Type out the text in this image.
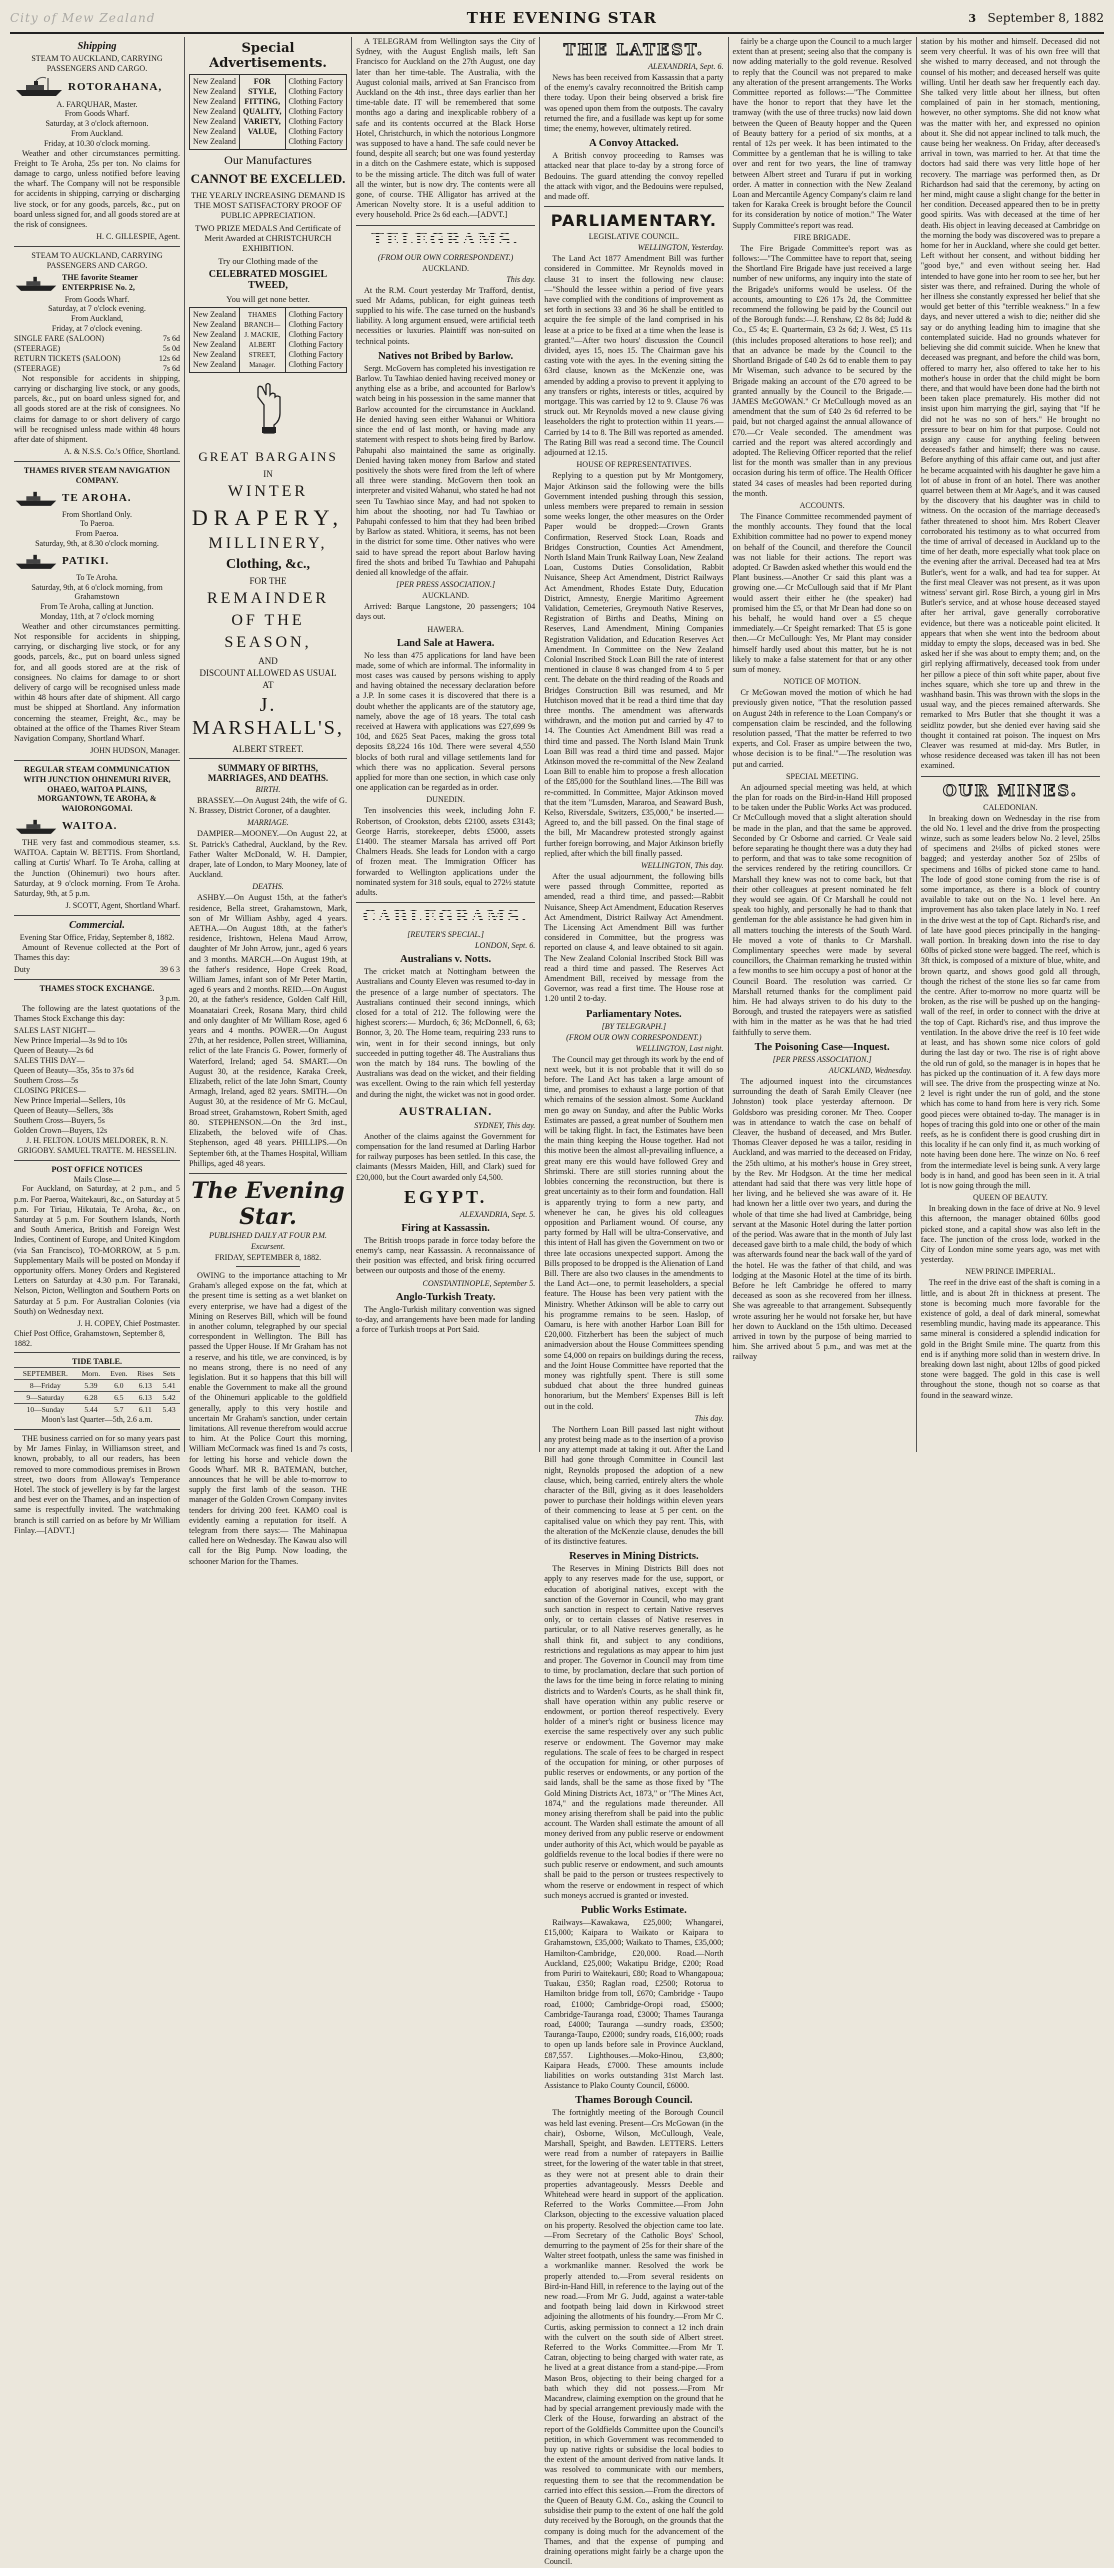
City of Mew Zealand	THE EVENING STAR	3 September 8, 1882
Shipping
STEAM TO AUCKLAND, CARRYING PASSENGERS AND CARGO.
ROTORAHANA,
A. FARQUHAR, Master.
From Goods Wharf.
Saturday, at 3 o'clock afternoon.
From Auckland.
Friday, at 10.30 o'clock morning.

Weather and other circumstances permitting. Freight to Te Aroha, 25s per ton. No claims for damage to cargo, unless notified before leaving the wharf. The Company will not be responsible for accidents in shipping, carrying or discharging live stock, or for any goods, parcels, &c., put on board unless signed for, and all goods stored are at the risk of consignees.

H. C. GILLESPIE, Agent.
STEAM TO AUCKLAND, CARRYING PASSENGERS AND CARGO.
THE favorite Steamer ENTERPRISE No. 2,
From Goods Wharf.
Saturday, at 7 o'clock evening.
From Auckland,
Friday, at 7 o'clock evening.
SINGLE FARE (SALOON)	7s 6d
(STEERAGE)	5s 0d
RETURN TICKETS (SALOON)	12s 6d
(STEERAGE)	7s 6d

Not responsible for accidents in shipping, carrying or discharging live stock, or any goods, parcels, &c., put on board unless signed for, and all goods stored are at the risk of consignees. No claims for damage to or short delivery of cargo will be recognised unless made within 48 hours after date of shipment.

A. & N.S.S. Co.'s Office, Shortland.
THAMES RIVER STEAM NAVIGATION COMPANY.
TE AROHA.
From Shortland Only.
To Paeroa.
From Paeroa.
Saturday, 9th, at 8.30 o'clock morning.
PATIKI.
To Te Aroha.
Saturday, 9th, at 6 o'clock morning, from Grahamstown
From Te Aroha, calling at Junction.
Monday, 11th, at 7 o'clock morning

Weather and other circumstances permitting. Not responsible for accidents in shipping, carrying, or discharging live stock, or for any goods, parcels, &c., put on board unless signed for, and all goods stored are at the risk of consignees. No claims for damage to or short delivery of cargo will be recognised unless made within 48 hours after date of shipment. All cargo must be shipped at Shortland. Any information concerning the steamer, Freight, &c., may be obtained at the office of the Thames River Steam Navigation Company, Shortland Wharf.

JOHN HUDSON, Manager.
REGULAR STEAM COMMUNICATION WITH JUNCTION OHINEMURI RIVER, OHAEO, WAITOA PLAINS, MORGANTOWN, TE AROHA, & WAIORONGOMAI.
WAITOA.

THE very fast and commodious steamer, s.s. WAITOA. Captain W. BETTIS. From Shortland, calling at Curtis' Wharf. To Te Aroha, calling at the Junction (Ohinemuri) two hours after. Saturday, at 9 o'clock morning. From Te Aroha. Saturday, 9th, at 5 p.m.

J. SCOTT, Agent, Shortland Wharf.
Commercial.
Evening Star Office, Friday, September 8, 1882.

Amount of Revenue collected at the Port of Thames this day:

Duty	39 6 3
THAMES STOCK EXCHANGE.
3 p.m.

The following are the latest quotations of the Thames Stock Exchange this day:

SALES LAST NIGHT—
New Prince Imperial—3s 9d to 10s
Queen of Beauty—2s 6d
SALES THIS DAY—
Queen of Beauty—35s, 35s to 37s 6d
Southern Cross—5s
CLOSING PRICES—
New Prince Imperial—Sellers, 10s
Queen of Beauty—Sellers, 38s
Southern Cross—Buyers, 5s
Golden Crown—Buyers, 12s
J. H. FELTON. LOUIS MELDOREK, R. N. GRIGOBY. SAMUEL TRATTE. M. HESSELIN.
POST OFFICE NOTICES
Mails Close—

For Auckland, on Saturday, at 2 p.m., and 5 p.m. For Paeroa, Waitekauri, &c., on Saturday at 5 p.m. For Tiriau, Hikutaia, Te Aroha, &c., on Saturday at 5 p.m. For Southern Islands, North and South America, British and Foreign West Indies, Continent of Europe, and United Kingdom (via San Francisco), TO-MORROW, at 5 p.m. Supplementary Mails will be posted on Monday if opportunity offers. Money Orders and Registered Letters on Saturday at 4.30 p.m. For Taranaki, Nelson, Picton, Wellington and Southern Ports on Saturday at 5 p.m. For Australian Colonies (via South) on Wednesday next.

J. H. COPEY, Chief Postmaster.
Chief Post Office, Grahamstown, September 8, 1882.
TIDE TABLE.
SEPTEMBER.	Morn.	Even.	Rises	Sets
8—Friday	5.39	6.0	6.13	5.41
9—Saturday	6.28	6.5	6.13	5.42
10—Sunday	5.44	5.7	6.11	5.43
Moon's last Quarter—5th, 2.6 a.m.

THE business carried on for so many years past by Mr James Finlay, in Williamson street, and known, probably, to all our readers, has been removed to more commodious premises in Brown street, two doors from Alloway's Temperance Hotel. The stock of jewellery is by far the largest and best ever on the Thames, and an inspection of same is respectfully invited. The watchmaking branch is still carried on as before by Mr William Finlay.—[ADVT.]

Special Advertisements.
New Zealand
New Zealand
New Zealand
New Zealand
New Zealand
New Zealand
New Zealand
FOR
STYLE,
FITTING,
QUALITY,
VARIETY,
VALUE,
Clothing Factory
Clothing Factory
Clothing Factory
Clothing Factory
Clothing Factory
Clothing Factory
Clothing Factory
Our Manufactures
CANNOT BE EXCELLED.
THE YEARLY INCREASING DEMAND IS THE MOST SATISFACTORY PROOF OF PUBLIC APPRECIATION.
TWO PRIZE MEDALS And Certificate of Merit Awarded at CHRISTCHURCH EXHIBITION.
Try our Clothing made of the
CELEBRATED MOSGIEL TWEED,
You will get none better.
New Zealand
New Zealand
New Zealand
New Zealand
New Zealand
New Zealand
THAMES BRANCH—J. MACKIE, ALBERT STREET, Manager.
Clothing Factory
Clothing Factory
Clothing Factory
Clothing Factory
Clothing Factory
Clothing Factory
GREAT BARGAINS
IN
WINTER
DRAPERY,
MILLINERY,
Clothing, &c.,
FOR THE
REMAINDER
OF THE
SEASON,
AND
DISCOUNT ALLOWED AS USUAL
AT
J. MARSHALL'S,
ALBERT STREET.
SUMMARY OF BIRTHS, MARRIAGES, AND DEATHS.
BIRTH.

BRASSEY.—On August 24th, the wife of G. N. Brassey, District Coroner, of a daughter.

MARRIAGE.

DAMPIER—MOONEY.—On August 22, at St. Patrick's Cathedral, Auckland, by the Rev. Father Walter McDonald, W. H. Dampier, draper, late of London, to Mary Mooney, late of Auckland.

DEATHS.

ASHBY.—On August 15th, at the father's residence, Bella street, Grahamstown, Mark, son of Mr William Ashby, aged 4 years. AETHA.—On August 18th, at the father's residence, Irishtown, Helena Maud Arrow, daughter of Mr John Arrow, junr., aged 6 years and 3 months. MARCH.—On August 19th, at the father's residence, Hope Creek Road, William James, infant son of Mr Peter Martin, aged 6 years and 2 months. REID.—On August 20, at the father's residence, Golden Calf Hill, Moanataiari Creek, Rosana Mary, third child and only daughter of Mr William Rose, aged 6 years and 4 months. POWER.—On August 27th, at her residence, Pollen street, Williamina, relict of the late Francis G. Power, formerly of Waterford, Ireland; aged 54. SMART.—On August 30, at the residence, Karaka Creek, Elizabeth, relict of the late John Smart, County Armagh, Ireland, aged 82 years. SMITH.—On August 30, at the residence of Mr G. McCaul, Broad street, Grahamstown, Robert Smith, aged 80. STEPHENSON.—On the 3rd inst., Elizabeth, the beloved wife of Chas. Stephenson, aged 48 years. PHILLIPS.—On September 6th, at the Thames Hospital, William Phillips, aged 48 years.

The Evening Star.
PUBLISHED DAILY AT FOUR P.M.
Excursent.
FRIDAY, SEPTEMBER 8, 1882.

OWING to the importance attaching to Mr Graham's alleged expose on the fat, which at the present time is setting as a wet blanket on every enterprise, we have had a digest of the Mining on Reserves Bill, which will be found in another column, telegraphed by our special correspondent in Wellington. The Bill has passed the Upper House. If Mr Graham has not a reserve, and his title, we are convinced, is by no means strong, there is no need of any legislation. But it so happens that this bill will enable the Government to make all the ground of the Ohinemuri applicable to the goldfield generally, apply to this very hostile and uncertain Mr Graham's sanction, under certain limitations. All revenue therefrom would accrue to him. At the Police Court this morning, William McCormack was fined 1s and 7s costs, for letting his horse and vehicle down the Goods Wharf. MR R. BATEMAN, butcher, announces that he will be able to-morrow to supply the first lamb of the season. THE manager of the Golden Crown Company invites tenders for driving 200 feet. KAMO coal is evidently earning a reputation for itself. A telegram from there says:— The Mahinapua called here on Wednesday. The Kawau also will call for the Big Pump. Now loading, the schooner Marion for the Thames.

A TELEGRAM from Wellington says the City of Sydney, with the August English mails, left San Francisco for Auckland on the 27th August, one day later than her time-table. The Australia, with the August colonial mails, arrived at San Francisco from Auckland on the 4th inst., three days earlier than her time-table date. IT will be remembered that some months ago a daring and inexplicable robbery of a safe and its contents occurred at the Black Horse Hotel, Christchurch, in which the notorious Longmore was supposed to have a hand. The safe could never be found, despite all search; but one was found yesterday in a ditch on the Cashmere estate, which is supposed to be the missing article. The ditch was full of water all the winter, but is now dry. The contents were all gone, of course. THE Alligator has arrived at the American Novelty store. It is a useful addition to every household. Price 2s 6d each.—[ADVT.]

TELEGRAMS.
(FROM OUR OWN CORRESPONDENT.)
AUCKLAND.
This day.

At the R.M. Court yesterday Mr Trafford, dentist, sued Mr Adams, publican, for eight guineas teeth supplied to his wife. The case turned on the husband's liability. A long argument ensued, were artificial teeth necessities or luxuries. Plaintiff was non-suited on technical points.

Natives not Bribed by Barlow.

Sergt. McGovern has completed his investigation re Barlow. Tu Tawhiao denied having received money or anything else as a bribe, and accounted for Barlow's watch being in his possession in the same manner that Barlow accounted for the circumstance in Auckland. He denied having seen either Wahanui or Whitiora since the end of last month, or having made any statement with respect to shots being fired by Barlow. Pahupahi also maintained the same as originally. Denied having taken money from Barlow and stated positively the shots were fired from the left of where all three were standing. McGovern then took an interpreter and visited Wahanui, who stated he had not seen Tu Tawhiao since May, and had not spoken to him about the shooting, nor had Tu Tawhiao or Pahupahi confessed to him that they had been bribed by Barlow as stated. Whitiora, it seems, has not been in the district for some time. Other natives who were said to have spread the report about Barlow having fired the shots and bribed Tu Tawhiao and Pahupahi denied all knowledge of the affair.

[PER PRESS ASSOCIATION.]
AUCKLAND.

Arrived: Barque Langstone, 20 passengers; 104 days out.

HAWERA.
Land Sale at Hawera.

No less than 475 applications for land have been made, some of which are informal. The informality in most cases was caused by persons wishing to apply and having obtained the necessary declaration before a J.P. In some cases it is discovered that there is a doubt whether the applicants are of the statutory age, namely, above the age of 18 years. The total cash received at Hawera with applications was £27,699 9s 10d, and £625 Seat Paces, making the gross total deposits £8,224 16s 10d. There were several 4,550 blocks of both rural and village settlements land for which there was no application. Several persons applied for more than one section, in which case only one application can be regarded as in order.

DUNEDIN.

Ten insolvencies this week, including John F. Robertson, of Crookston, debts £2100, assets £3143; George Harris, storekeeper, debts £5000, assets £1400. The steamer Marsala has arrived off Port Chalmers Heads. She leads for London with a cargo of frozen meat. The Immigration Officer has forwarded to Wellington applications under the nominated system for 318 souls, equal to 272½ statute adults.

CABLEGRAMS.
[REUTER'S SPECIAL.]
LONDON, Sept. 6.
Australians v. Notts.

The cricket match at Nottingham between the Australians and County Eleven was resumed to-day in the presence of a large number of spectators. The Australians continued their second innings, which closed for a total of 212. The following were the highest scorers:— Murdoch, 6; 36; McDonnell, 6, 63; Bonnor, 3, 20. The Home team, requiring 233 runs to win, went in for their second innings, but only succeeded in putting together 48. The Australians thus won the match by 184 runs. The bowling of the Australians was dead on the wicket, and their fielding was excellent. Owing to the rain which fell yesterday and during the night, the wicket was not in good order.

AUSTRALIAN.
SYDNEY, This day.

Another of the claims against the Government for compensation for the land resumed at Darling Harbor for railway purposes has been settled. In this case, the claimants (Messrs Maiden, Hill, and Clark) sued for £20,000, but the Court awarded only £4,500.

EGYPT.
ALEXANDRIA, Sept. 5.
Firing at Kassassin.

The British troops parade in force today before the enemy's camp, near Kassassin. A reconnaissance of their position was effected, and brisk firing occurred between our outposts and those of the enemy.

CONSTANTINOPLE, September 5.
Anglo-Turkish Treaty.

The Anglo-Turkish military convention was signed to-day, and arrangements have been made for landing a force of Turkish troops at Port Said.

THE LATEST.
ALEXANDRIA, Sept. 6.

News has been received from Kassassin that a party of the enemy's cavalry reconnoitred the British camp there today. Upon their being observed a brisk fire was opened upon them from the outposts. The cavalry returned the fire, and a fusillade was kept up for some time; the enemy, however, ultimately retired.

A Convoy Attacked.

A British convoy proceeding to Ramses was attacked near that place to-day by a strong force of Bedouins. The guard attending the convoy repelled the attack with vigor, and the Bedouins were repulsed, and made off.

PARLIAMENTARY.
LEGISLATIVE COUNCIL.
WELLINGTON, Yesterday.

The Land Act 1877 Amendment Bill was further considered in Committee. Mr Reynolds moved in clause 31 to insert the following new clause:—"Should the lessee within a period of five years have complied with the conditions of improvement as set forth in sections 33 and 36 he shall be entitled to acquire the fee simple of the land comprised in his lease at a price to be fixed at a time when the lease is granted."—After two hours' discussion the Council divided, ayes 15, noes 15. The Chairman gave his casting vote with the ayes. In the evening sitting the 63rd clause, known as the McKenzie one, was amended by adding a proviso to prevent it applying to any transfers or rights, interests or titles, acquired by mortgage. This was carried by 12 to 9. Clause 76 was struck out. Mr Reynolds moved a new clause giving leaseholders the right to protection within 11 years.—Carried by 14 to 8. The Bill was reported as amended. The Rating Bill was read a second time. The Council adjourned at 12.15.

HOUSE OF REPRESENTATIVES.

Replying to a question put by Mr Montgomery, Major Atkinson said the following were the bills Government intended pushing through this session, unless members were prepared to remain in session some weeks longer, the other measures on the Order Paper would be dropped:—Crown Grants Confirmation, Reserved Stock Loan, Roads and Bridges Construction, Counties Act Amendment, North Island Main Trunk Railway Loan, New Zealand Loan, Customs Duties Consolidation, Rabbit Nuisance, Sheep Act Amendment, District Railways Act Amendment, Rhodes Estate Duty, Education District, Amnesty, Energie Maritimo Agreement Validation, Cemeteries, Greymouth Native Reserves, Registration of Births and Deaths, Mining on Reserves, Land Amendment, Mining Companies Registration Validation, and Education Reserves Act Amendment. In Committee on the New Zealand Colonial Inscribed Stock Loan Bill the rate of interest mentioned in clause 8 was changed from 4 to 5 per cent. The debate on the third reading of the Roads and Bridges Construction Bill was resumed, and Mr Hutchison moved that it be read a third time that day three months. The amendment was afterwards withdrawn, and the motion put and carried by 47 to 14. The Counties Act Amendment Bill was read a third time and passed. The North Island Main Trunk Loan Bill was read a third time and passed. Major Atkinson moved the re-committal of the New Zealand Loan Bill to enable him to propose a fresh allocation of the £85,000 for the Southland lines.—The Bill was re-committed. In Committee, Major Atkinson moved that the item "Lumsden, Mararoa, and Seaward Bush, Kelso, Riversdale, Switzers, £35,000," be inserted.—Agreed to, and the bill passed. On the final stage of the bill, Mr Macandrew protested strongly against further foreign borrowing, and Major Atkinson briefly replied, after which the bill finally passed.

WELLINGTON, This day.

After the usual adjournment, the following bills were passed through Committee, reported as amended, read a third time, and passed:—Rabbit Nuisance, Sheep Act Amendment, Education Reserves Act Amendment, District Railway Act Amendment. The Licensing Act Amendment Bill was further considered in Committee, but the progress was reported on clause 4, and leave obtained to sit again. The New Zealand Colonial Inscribed Stock Bill was read a third time and passed. The Reserves Act Amendment Bill, received by message from the Governor, was read a first time. The House rose at 1.20 until 2 to-day.

Parliamentary Notes.
[BY TELEGRAPH.]
(FROM OUR OWN CORRESPONDENT.)
WELLINGTON, Last night.

The Council may get through its work by the end of next week, but it is not probable that it will do so before. The Land Act has taken a large amount of time, and promises to exhaust a large portion of that which remains of the session almost. Some Auckland men go away on Sunday, and after the Public Works Estimates are passed, a great number of Southern men will be taking flight. In fact, the Estimates have been the main thing keeping the House together. Had not this motive been the almost all-prevailing influence, a great many ere this would have followed Grey and Shrimski. There are still stories running about the lobbies concerning the reconstruction, but there is great uncertainty as to their form and foundation. Hall is apparently trying to form a new party, and whenever he can, he gives his old colleagues opposition and Parliament wound. Of course, any party formed by Hall will be ultra-Conservative, and this intent of Hall has given the Government on two or three late occasions unexpected support. Among the Bills proposed to be dropped is the Alienation of Land Bill. There are also two clauses in the amendments to the Land Act—one, to permit leaseholders, a special feature. The House has been very patient with the Ministry. Whether Atkinson will be able to carry out his programme remains to be seen. Haslop, of Oamaru, is here with another Harbor Loan Bill for £20,000. Fitzherbert has been the subject of much animadversion about the House Committees spending some £4,000 on repairs on buildings during the recess, and the Joint House Committee have reported that the money was rightfully spent. There is still some subdued chat about the three hundred guineas honorarium, but the Members' Expenses Bill is left out in the cold.

This day.

The Northern Loan Bill passed last night without any protest being made as to the insertion of a proviso nor any attempt made at taking it out. After the Land Bill had gone through Committee in Council last night, Reynolds proposed the adoption of a new clause, which, being carried, entirely alters the whole character of the Bill, giving as it does leaseholders power to purchase their holdings within eleven years of their commencing to lease at 5 per cent. on the capitalised value on which they pay rent. This, with the alteration of the McKenzie clause, denudes the bill of its distinctive features.

Reserves in Mining Districts.

The Reserves in Mining Districts Bill does not apply to any reserves made for the use, support, or education of aboriginal natives, except with the sanction of the Governor in Council, who may grant such sanction in respect to certain Native reserves only, or to certain classes of Native reserves in particular, or to all Native reserves generally, as he shall think fit, and subject to any conditions, restrictions and regulations as may appear to him just and proper. The Governor in Council may from time to time, by proclamation, declare that such portion of the laws for the time being in force relating to mining districts and to Warden's Courts, as he shall think fit, shall have operation within any public reserve or endowment, or portion thereof respectively. Every holder of a miner's right or business licence may exercise the same respectively over any such public reserve or endowment. The Governor may make regulations. The scale of fees to be charged in respect of the occupation for mining, or other purposes of public reserves or endowments, or any portion of the said lands, shall be the same as those fixed by "The Gold Mining Districts Act, 1873," or "The Mines Act, 1874," and the regulations made thereunder. All money arising therefrom shall be paid into the public account. The Warden shall estimate the amount of all money derived from any public reserve or endowment under authority of this Act, which would be payable as goldfields revenue to the local bodies if there were no such public reserve or endowment, and such amounts shall be paid to the person or trustees respectively to whom the reserve or endowment in respect of which such moneys accrued is granted or invested.

Public Works Estimate.

Railways—Kawakawa, £25,000; Whangarei, £15,000; Kaipara to Waikato or Kaipara to Grahamstown, £35,000; Waikato to Thames, £35,000; Hamilton-Cambridge, £20,000. Road.—North Auckland, £25,000; Wakatipu Bridge, £200; Road from Puriri to Waitekauri, £80; Road to Whangapoua; Tuakau, £350; Raglan road, £2500; Rotorua to Hamilton bridge from toll, £670; Cambridge - Taupo road, £1000; Cambridge-Oropi road, £5000; Cambridge-Tauranga road, £3000; Thames Tauranga road, £4000; Tauranga —sundry roads, £3500; Tauranga-Taupo, £2000; sundry roads, £16,000; roads to open up lands before sale in Province Auckland, £87,557. Lighthouses.—Moko-Hinou, £3,800; Kaipara Heads, £7000. These amounts include liabilities on works outstanding 31st March last. Assistance to Plako County Council, £6000.

Thames Borough Council.

The fortnightly meeting of the Borough Council was held last evening. Present—Crs McGowan (in the chair), Osborne, Wilson, McCullough, Veale, Marshall, Speight, and Bawden. LETTERS. Letters were read from a number of ratepayers in Baillie street, for the lowering of the water table in that street, as they were not at present able to drain their properties advantageously. Messrs Deeble and Whitehead were heard in support of the application. Referred to the Works Committee.—From John Clarkson, objecting to the excessive valuation placed on his property. Resolved the objection came too late.—From Secretary of the Catholic Boys' School, demurring to the payment of 25s for their share of the Walter street footpath, unless the same was finished in a workmanlike manner. Resolved the work be properly attended to.—From several residents on Bird-in-Hand Hill, in reference to the laying out of the new road.—From Mr G. Judd, against a water-table and footpath being laid down in Kirkwood street adjoining the allotments of his foundry.—From Mr C. Curtis, asking permission to connect a 12 inch drain with the culvert on the south side of Albert street. Referred to the Works Committee.—From Mr T. Catran, objecting to being charged with water rate, as he lived at a great distance from a stand-pipe.—From Mason Bros, objecting to their being charged for a bath which they did not possess.—From Mr Macandrew, claiming exemption on the ground that he had by special arrangement previously made with the Clerk of the House, forwarding an abstract of the report of the Goldfields Committee upon the Council's petition, in which Government was recommended to buy up native rights or subsidise the local bodies to the extent of the amount derived from native lands. It was resolved to communicate with our members, requesting them to see that the recommendation be carried into effect this session.—From the directors of the Queen of Beauty G.M. Co., asking the Council to subsidise their pump to the extent of one half the gold duty received by the Borough, on the grounds that the company is doing much for the advancement of the Thames, and that the expense of pumping and draining operations might fairly be a charge upon the Council.

fairly be a charge upon the Council to a much larger extent than at present; seeing also that the company is now adding materially to the gold revenue. Resolved to reply that the Council was not prepared to make any alteration of the present arrangements. The Works Committee reported as follows:—"The Committee have the honor to report that they have let the tramway (with the use of three trucks) now laid down between the Queen of Beauty hopper and the Queen of Beauty battery for a period of six months, at a rental of 12s per week. It has been intimated to the Committee by a gentleman that he is willing to take over and rent for two years, the line of tramway between Albert street and Turaru if put in working order. A matter in connection with the New Zealand Loan and Mercantile Agency Company's claim re land taken for Karaka Creek is brought before the Council for its consideration by notice of motion." The Water Supply Committee's report was read.

FIRE BRIGADE.

The Fire Brigade Committee's report was as follows:—"The Committee have to report that, seeing the Shortland Fire Brigade have just received a large number of new uniforms, any inquiry into the state of the Brigade's uniforms would be useless. Of the accounts, amounting to £26 17s 2d, the Committee recommend the following be paid by the Council out of the Borough funds:—J. Renshaw, £2 8s 8d; Judd & Co., £5 4s; E. Quartermain, £3 2s 6d; J. West, £5 11s (this includes proposed alterations to hose reel); and that an advance be made by the Council to the Shortland Brigade of £40 2s 6d to enable them to pay Mr Wiseman, such advance to be secured by the Brigade making an account of the £70 agreed to be granted annually by the Council to the Brigade.—JAMES McGOWAN." Cr McCullough moved as an amendment that the sum of £40 2s 6d referred to be paid, but not charged against the annual allowance of £70.—Cr Veale seconded. The amendment was carried and the report was altered accordingly and adopted. The Relieving Officer reported that the relief list for the month was smaller than in any previous occasion during his term of office. The Health Officer stated 34 cases of measles had been reported during the month.

ACCOUNTS.

The Finance Committee recommended payment of the monthly accounts. They found that the local Exhibition committee had no power to expend money on behalf of the Council, and therefore the Council was not liable for their actions. The report was adopted. Cr Bawden asked whether this would end the Plant business.—Another Cr said this plant was a growing one.—Cr McCullough said that if Mr Plant would assert their either he (the speaker) had promised him the £5, or that Mr Dean had done so on his behalf, he would hand over a £5 cheque immediately.—Cr Speight remarked: That £5 is gone then.—Cr McCullough: Yes, Mr Plant may consider himself hardly used about this matter, but he is not likely to make a false statement for that or any other sum of money.

NOTICE OF MOTION.

Cr McGowan moved the motion of which he had previously given notice, "That the resolution passed on August 24th in reference to the Loan Company's or compensation claim be rescinded, and the following resolution passed, 'That the matter be referred to two experts, and Col. Fraser as umpire between the two, whose decision is to be final.'"—The resolution was put and carried.

SPECIAL MEETING.

An adjourned special meeting was held, at which the plan for roads on the Bird-in-Hand Hill proposed to be taken under the Public Works Act was produced. Cr McCullough moved that a slight alteration should be made in the plan, and that the same be approved. Seconded by Cr Osborne and carried. Cr Veale said before separating he thought there was a duty they had to perform, and that was to take some recognition of the services rendered by the retiring councillors. Cr Marshall they knew was not to come back, but that their other colleagues at present nominated he felt they would see again. Of Cr Marshall he could not speak too highly, and personally he had to thank that gentleman for the able assistance he had given him in all matters touching the interests of the South Ward. He moved a vote of thanks to Cr Marshall. Complimentary speeches were made by several councillors, the Chairman remarking he trusted within a few months to see him occupy a post of honor at the Council Board. The resolution was carried. Cr Marshall returned thanks for the compliment paid him. He had always striven to do his duty to the Borough, and trusted the ratepayers were as satisfied with him in the matter as he was that he had tried faithfully to serve them.

The Poisoning Case—Inquest.
[PER PRESS ASSOCIATION.]
AUCKLAND, Wednesday.

The adjourned inquest into the circumstances surrounding the death of Sarah Emily Cleaver (nee Johnston) took place yesterday afternoon. Dr Goldsboro was presiding coroner. Mr Theo. Cooper was in attendance to watch the case on behalf of Cleaver, the husband of deceased, and Mrs Butler. Thomas Cleaver deposed he was a tailor, residing in Auckland, and was married to the deceased on Friday, the 25th ultimo, at his mother's house in Grey street, by the Rev. Mr Hodgson. At the time her medical attendant had said that there was very little hope of her living, and he believed she was aware of it. He had known her a little over two years, and during the whole of that time she had lived at Cambridge, being servant at the Masonic Hotel during the latter portion of the period. Was aware that in the month of July last deceased gave birth to a male child, the body of which was afterwards found near the back wall of the yard of the hotel. He was the father of that child, and was lodging at the Masonic Hotel at the time of its birth. Before he left Cambridge he offered to marry deceased as soon as she recovered from her illness. She was agreeable to that arrangement. Subsequently wrote assuring her he would not forsake her, but have her down to Auckland on the 15th ultimo. Deceased arrived in town by the purpose of being married to him. She arrived about 5 p.m., and was met at the railway

station by his mother and himself. Deceased did not seem very cheerful. It was of his own free will that she wished to marry deceased, and not through the counsel of his mother; and deceased herself was quite willing. Until her death saw her frequently each day. She talked very little about her illness, but often complained of pain in her stomach, mentioning, however, no other symptoms. She did not know what was the matter with her, and expressed no opinion about it. She did not appear inclined to talk much, the cause being her weakness. On Friday, after deceased's arrival in town, was married to her. At that time the doctors had said there was very little hope of her recovery. The marriage was performed then, as Dr Richardson had said that the ceremony, by acting on her mind, might cause a slight change for the better in her condition. Deceased appeared then to be in pretty good spirits. Was with deceased at the time of her death. His object in leaving deceased at Cambridge on the morning the body was discovered was to prepare a home for her in Auckland, where she could get better. Left without her consent, and without bidding her "good bye," and even without seeing her. Had intended to have gone into her room to see her, but her sister was there, and refrained. During the whole of her illness she constantly expressed her belief that she would get better of this "terrible weakness." In a few days, and never uttered a wish to die; neither did she say or do anything leading him to imagine that she contemplated suicide. Had no grounds whatever for believing she did commit suicide. When he knew that deceased was pregnant, and before the child was born, offered to marry her, also offered to take her to his mother's house in order that the child might be born there, and that would have been done had the birth not been taken place prematurely. His mother did not insist upon him marrying the girl, saying that "If he did not he was no son of hers." He brought no pressure to bear on him for that purpose. Could not assign any cause for anything feeling between deceased's father and himself; there was no cause. Before anything of this affair came out, and just after he became acquainted with his daughter he gave him a lot of abuse in front of an hotel. There was another quarrel between them at Mr Aage's, and it was caused by the discovery that his daughter was in child to witness. On the occasion of the marriage deceased's father threatened to shoot him. Mrs Robert Cleaver corroborated his testimony as to what occurred from the time of arrival of deceased in Auckland up to the time of her death, more especially what took place on the evening after the arrival. Deceased had tea at Mrs Butler's, went for a walk, and had tea for supper. At the first meal Cleaver was not present, as it was upon witness' servant girl. Rose Birch, a young girl in Mrs Butler's service, and at whose house deceased stayed after her arrival, gave generally corroborative evidence, but there was a noticeable point elicited. It appears that when she went into the bedroom about midday to empty the slops, deceased was in bed. She asked her if she was about to empty them; and, on the girl replying affirmatively, deceased took from under her pillow a piece of thin soft white paper, about five inches square, which she tore up and threw in the washhand basin. This was thrown with the slops in the usual way, and the pieces remained afterwards. She remarked to Mrs Butler that she thought it was a seidlitz powder, but she denied ever having said she thought it contained rat poison. The inquest on Mrs Cleaver was resumed at mid-day. Mrs Butler, in whose residence deceased was taken ill has not been examined.

OUR MINES.
CALEDONIAN.

In breaking down on Wednesday in the rise from the old No. 1 level and the drive from the prospecting winze, such as some leaders below No. 2 level, 25lbs of specimens and 2½lbs of picked stones were bagged; and yesterday another 5oz of 25lbs of specimens and 16lbs of picked stone came to hand. The lode of good stone coming from the rise is of some importance, as there is a block of country available to take out on the No. 1 level here. An improvement has also taken place lately in No. 1 reef in the drive west at the top of Capt. Richard's rise, and of late have good pieces principally in the hanging-wall portion. In breaking down into the rise to day 60lbs of picked stone were bagged. The reef, which is 3ft thick, is composed of a mixture of blue, white, and brown quartz, and shows good gold all through, though the richest of the stone lies so far came from the centre. After to-morrow no more quartz will be broken, as the rise will be pushed up on the hanging-wall of the reef, in order to connect with the drive at the top of Capt. Richard's rise, and thus improve the ventilation. In the above drive the reef is 10 feet wide at least, and has shown some nice colors of gold during the last day or two. The rise is of right above the old run of gold, so the manager is in hopes that he has picked up the continuation of it. A few days more will see. The drive from the prospecting winze at No. 2 level is right under the run of gold, and the stone which has come to hand from here is very rich. Some good pieces were obtained to-day. The manager is in hopes of tracing this gold into one or other of the main reefs, as he is confident there is good crushing dirt in this locality if he can only find it, as much working of note having been done here. The winze on No. 6 reef from the intermediate level is being sunk. A very large body is in hand, and good has been seen in it. A trial lot is now going through the mill.

QUEEN OF BEAUTY.

In breaking down in the face of drive at No. 9 level this afternoon, the manager obtained 60lbs good picked stone, and a capital show was also left in the face. The junction of the cross lode, worked in the City of London mine some years ago, was met with yesterday.

NEW PRINCE IMPERIAL.

The reef in the drive east of the shaft is coming in a little, and is about 2ft in thickness at present. The stone is becoming much more favorable for the existence of gold, a deal of dark mineral, somewhat resembling mundic, having made its appearance. This same mineral is considered a splendid indication for gold in the Bright Smile mine. The quartz from this end is if anything more solid than in western drive. In breaking down last night, about 12lbs of good picked stone were bagged. The gold in this case is well throughout the stone, though not so coarse as that found in the seaward winze.
